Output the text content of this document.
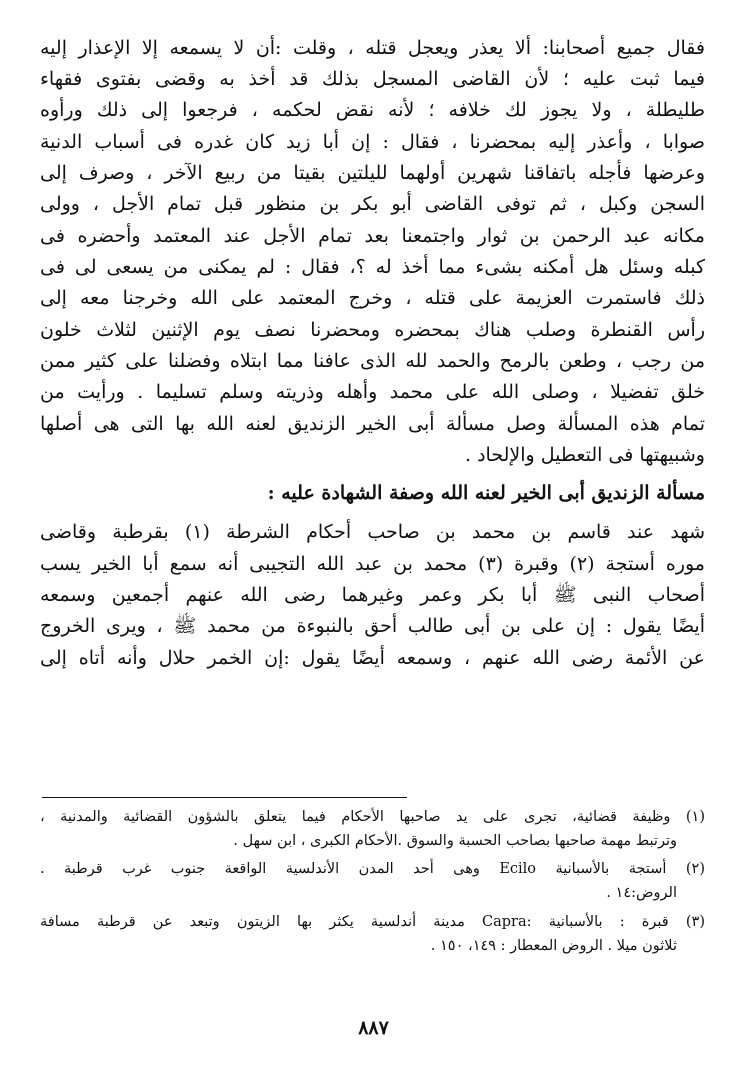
فقال جميع أصحابنا: ألا يعذر ويعجل قتله ، وقلت :أن لا يسمعه إلا الإعذار إليه
فيما ثبت عليه ؛ لأن القاضى المسجل بذلك قد أخذ به وقضى بفتوى فقهاء
طليطلة ، ولا يجوز لك خلافه ؛ لأنه نقض لحكمه ، فرجعوا إلى ذلك ورأوه
صوابا ، وأعذر إليه بمحضرنا ، فقال : إن أبا زيد كان غدره فى أسباب الدنية
وعرضها فأجله باتفاقنا شهرين أولهما لليلتين بقيتا من ربيع الآخر ، وصرف إلى
السجن وكبل ، ثم توفى القاضى أبو بكر بن منظور قبل تمام الأجل ، وولى
مكانه عبد الرحمن بن ثوار واجتمعنا بعد تمام الأجل عند المعتمد وأحضره فى
كبله وسئل هل أمكنه بشىء مما أخذ له ؟، فقال : لم يمكنى من يسعى لى فى
ذلك فاستمرت العزيمة على قتله ، وخرج المعتمد على الله وخرجنا معه إلى
رأس القنطرة وصلب هناك بمحضره ومحضرنا نصف يوم الإثنين لثلاث خلون
من رجب ، وطعن بالرمح والحمد لله الذى عافنا مما ابتلاه وفضلنا على كثير ممن
خلق تفضيلا ، وصلى الله على محمد وأهله وذريته وسلم تسليما . ورأيت من
تمام هذه المسألة وصل مسألة أبى الخير الزنديق لعنه الله بها التى هى أصلها
وشبيهتها فى التعطيل والإلحاد .
مسألة الزنديق أبى الخير لعنه الله وصفة الشهادة عليه :
شهد عند قاسم بن محمد بن صاحب أحكام الشرطة (١) بقرطبة وقاضى
موره أستجة (٢) وقبرة (٣) محمد بن عبد الله التجيبى أنه سمع أبا الخير يسب
أصحاب النبى ﷺ أبا بكر وعمر وغيرهما رضى الله عنهم أجمعين وسمعه
أيضًا يقول : إن على بن أبى طالب أحق بالنبوءة من محمد ﷺ ، ويرى الخروج
عن الأئمة رضى الله عنهم ، وسمعه أيضًا يقول :إن الخمر حلال وأنه أتاه إلى
(١) وظيفة قضائية، تجرى على يد صاحبها الأحكام فيما يتعلق بالشؤون القضائية والمدنية ،
وترتبط مهمة صاحبها بصاحب الحسبة والسوق .الأحكام الكبرى ، ابن سهل .
(٢) أستجة بالأسبانية Ecilo وهى أحد المدن الأندلسية الواقعة جنوب غرب قرطبة .
الروض:١٤ .
(٣) قبرة : بالأسبانية :Capra مدينة أندلسية يكثر بها الزيتون وتبعد عن قرطبة مسافة
ثلاثون ميلا . الروض المعطار : ١٤٩، ١٥٠ .
٨٨٧
